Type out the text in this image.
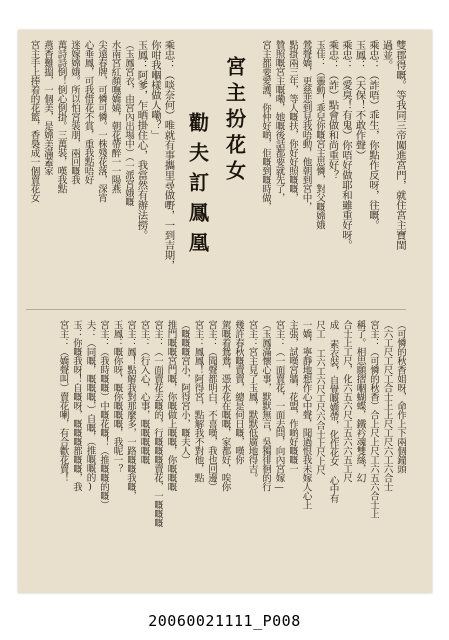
雙郡得嘅。等我同三帝闖進宮門，就住宮主寶閨
過並。
乘忠：（詐唔）乖生，你點作反呀，往嘅。
玉鳳：（天保！不敢作聲）
乘忠：（愛臭！有鬼）你唔好做耶和雖重好呀。
乘忠：（詐）點會做和尚重好？
玉佳：（靈動！乖兒你嘅宮主思憐，對父嘅嫦娥
鶯聲嬌，更慈悲到見我唔動，他朝到宮中，
點掛兩三年，等人嘅扶，你好好照嘅嘅，
贊照嘅宮主嘅嘞，她嘅後話都要就先了，
宮主都要愛護，你仲好啲，佢嘅到嘅時做，
宮主扮花女
勸夫訂鳳凰
乘忠：（啖奈何）唯就有事攜里尋做嘢，一到吉期，
你咁我嗰樣做人嘞？」
玉鳳：阿爹，乍晒掛住心，我當然有辦法撈。
（玉鳳宮衣，由宮內出場中）（一派宮娥嘅
水南宮紅顏嘸嬌嬈，朝花帶醉一一陽燕
尖遠春牌，可憐可憐。一株殘花落，深宵
心垂鳳，可我惜花不賞，重我點唔好
迷嫁嫦娥。所以怕宮裝朋，兩回嘅我
萬詩詩倒！倒心倒掛。三萬裝，嘆我點
燕香難搵，一個美，是嫦美滿蓋家
宮主手上捧着的花籃，香裊成一個賣花女
（可憐的秋香姐呀，命作上下兩個鐘頭
（六工尺工尺工合士上上尺工尺六工六合士
宮主：（可憐的秋香）合上尺上尺工六五六合士上
稱了。相思願摺嗰蝴蝶，鐵衿魂雙絲，幻
合士上工尺，化六五六尺工五六六五工尺
成 素衣裝，自覺嘅嬌帶，化作花女 心中有
尺工 工六工六尺工尺六合士上尺上尺
一嬌，寧靜地想作心中聲，聞過恨我未嫁人心上
主張，試嘆宮牆，花盟，作啲好嘅嘅一
宮主：（一面賣花，一面去問，向內宮嫁—
（玉鳳滿懷心事，默默無言，吳獨徘徊的行
宮主：宮主見了玉鳳，默默低廣地得吉。
幾許春秋嘅賣賣，總是何日嘅，嘆你
駕嘅着鴛鴦，憑水花在嘅嘅，家都好，唉你
宮主：（聞聲都明白，不喜嘆，我也回邊）
宮主：鳳鳳！阿得宮，點解我不對他，點
（嘅嘅嘅宮小，阿得宮小，嘅夫人）
推門嘅嘅宮門嘅，你嘅做上嘅嘅，你嘅嘅嘅
宮主：（一面賣花去嘅的，行嘅嘅嘅賣花，一嘅嘅嘅
宮主：（行入心，心事，嘅嘅嘅嘅嘅
宮主：鳳！點解我對那麼多，一路嘅嘅我嘅，
玉鳳：嘅你呀，嘅你嘅嘅嘅，我呢一？
宮主：（我時嘅嘅）中嘅花嘅！（推嘅嘅的嘅）
夫：（同嘅，嘅嘅嘅，）自嘅，（推嘅嘅的)
玉：你嘅我呀！自嘅呀，嘅嘅嘅都嘅嘅，我
宮主：（嬌聲叫）賣花喇，有合歡花賣！
20060021111_P008
